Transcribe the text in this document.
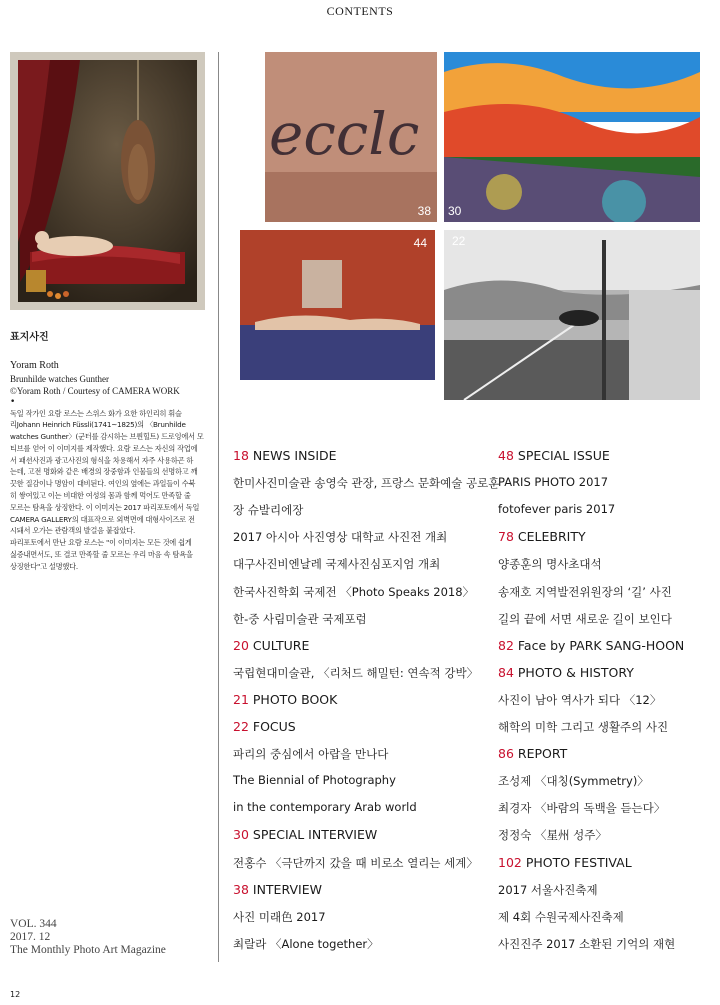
CONTENTS
표지사진
Yoram Roth
Brunhilde watches Gunther
©Yoram Roth / Courtesy of CAMERA WORK
•
독일 작가인 요람 로스는 스위스 화가 요한 하인리히 휘슬
리Johann Heinrich Füssli(1741~1825)의 〈Brunhilde
watches Gunther〉(군터를 감시하는 브륀힐트) 드로잉에서 모
티브를 얻어 이 이미지를 제작했다. 요람 로스는 자신의 작업에
서 패션사진과 광고사진의 형식을 차용해서 자주 사용하곤 하
는데, 고전 명화와 같은 배경의 장중함과 인물들의 선명하고 깨
끗한 질감이나 명암이 대비된다. 여인의 옆에는 과일들이 수북
히 쌓여있고 이는 비대한 여성의 몸과 함께 먹어도 만족할 줄
모르는 탐욕을 상징한다. 이 이미지는 2017 파리포토에서 독일
CAMERA GALLERY의 대표작으로 외벽면에 대형사이즈로 전
시돼서 오가는 관람객의 발걸음 붙잡았다.
파리포토에서 만난 요람 로스는 "이 이미지는 모든 것에 쉽게
싫증내면서도, 또 결코 만족할 줄 모르는 우리 마음 속 탐욕을
상징한다"고 설명했다.
VOL. 344
2017. 12
The Monthly Photo Art Magazine
12
ecclc
38 30
44 22
18 NEWS INSIDE
한미사진미술관 송영숙 관장, 프랑스 문화예술 공로훈
장 슈발리에장
2017 아시아 사진영상 대학교 사진전 개최
대구사진비엔날레 국제사진심포지엄 개최
한국사진학회 국제전 〈Photo Speaks 2018〉
한-중 사림미술관 국제포럼
20 CULTURE
국립현대미술관, 〈리처드 해밀턴: 연속적 강박〉
21 PHOTO BOOK
22 FOCUS
파리의 중심에서 아랍을 만나다
The Biennial of Photography
in the contemporary Arab world
30 SPECIAL INTERVIEW
전홍수 〈극단까지 갔을 때 비로소 열리는 세계〉
38 INTERVIEW
사진 미래色 2017
최랄라 〈Alone together〉
48 SPECIAL ISSUE
PARIS PHOTO 2017
fotofever paris 2017
78 CELEBRITY
양종훈의 명사초대석
송재호 지역발전위원장의 ‘길’ 사진
길의 끝에 서면 새로운 길이 보인다
82 Face by PARK SANG-HOON
84 PHOTO & HISTORY
사진이 남아 역사가 되다 〈12〉
해학의 미학 그리고 생활주의 사진
86 REPORT
조성제 〈대칭(Symmetry)〉
최경자 〈바람의 독백을 듣는다〉
정정숙 〈星州 성주〉
102 PHOTO FESTIVAL
2017 서울사진축제
제 4회 수원국제사진축제
사진진주 2017 소환된 기억의 재현
